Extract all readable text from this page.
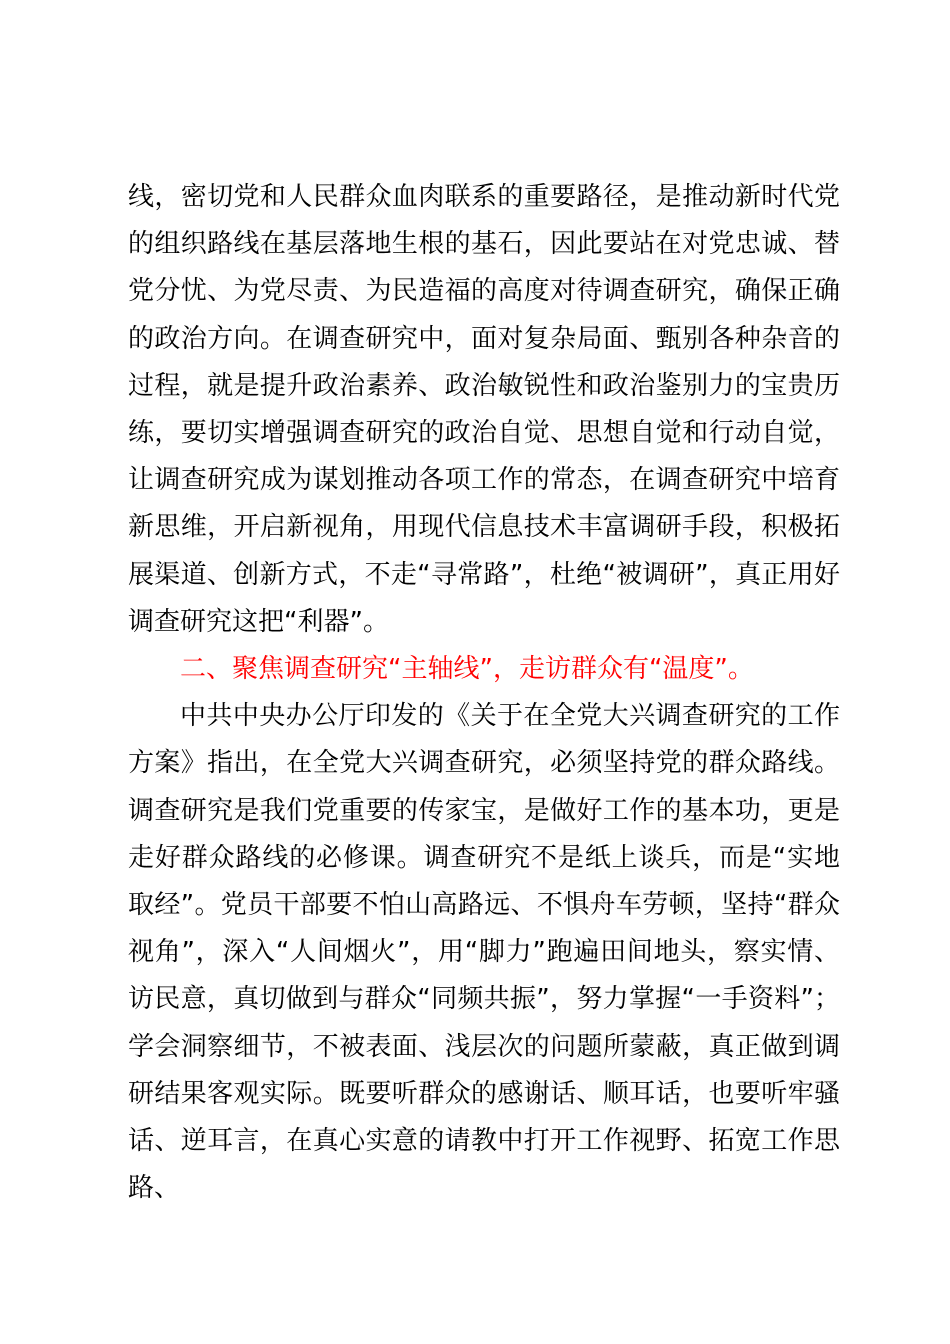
线，密切党和人民群众血肉联系的重要路径，是推动新时代党的组织路线在基层落地生根的基石，因此要站在对党忠诚、替党分忧、为党尽责、为民造福的高度对待调查研究，确保正确的政治方向。在调查研究中，面对复杂局面、甄别各种杂音的过程，就是提升政治素养、政治敏锐性和政治鉴别力的宝贵历练，要切实增强调查研究的政治自觉、思想自觉和行动自觉，让调查研究成为谋划推动各项工作的常态，在调查研究中培育新思维，开启新视角，用现代信息技术丰富调研手段，积极拓展渠道、创新方式，不走“寻常路”，杜绝“被调研”，真正用好调查研究这把“利器”。

二、聚焦调查研究“主轴线”，走访群众有“温度”。

中共中央办公厅印发的《关于在全党大兴调查研究的工作方案》指出，在全党大兴调查研究，必须坚持党的群众路线。调查研究是我们党重要的传家宝，是做好工作的基本功，更是走好群众路线的必修课。调查研究不是纸上谈兵，而是“实地取经”。党员干部要不怕山高路远、不惧舟车劳顿，坚持“群众视角”，深入“人间烟火”，用“脚力”跑遍田间地头，察实情、访民意，真切做到与群众“同频共振”，努力掌握“一手资料”；学会洞察细节，不被表面、浅层次的问题所蒙蔽，真正做到调研结果客观实际。既要听群众的感谢话、顺耳话，也要听牢骚话、逆耳言，在真心实意的请教中打开工作视野、拓宽工作思路、
